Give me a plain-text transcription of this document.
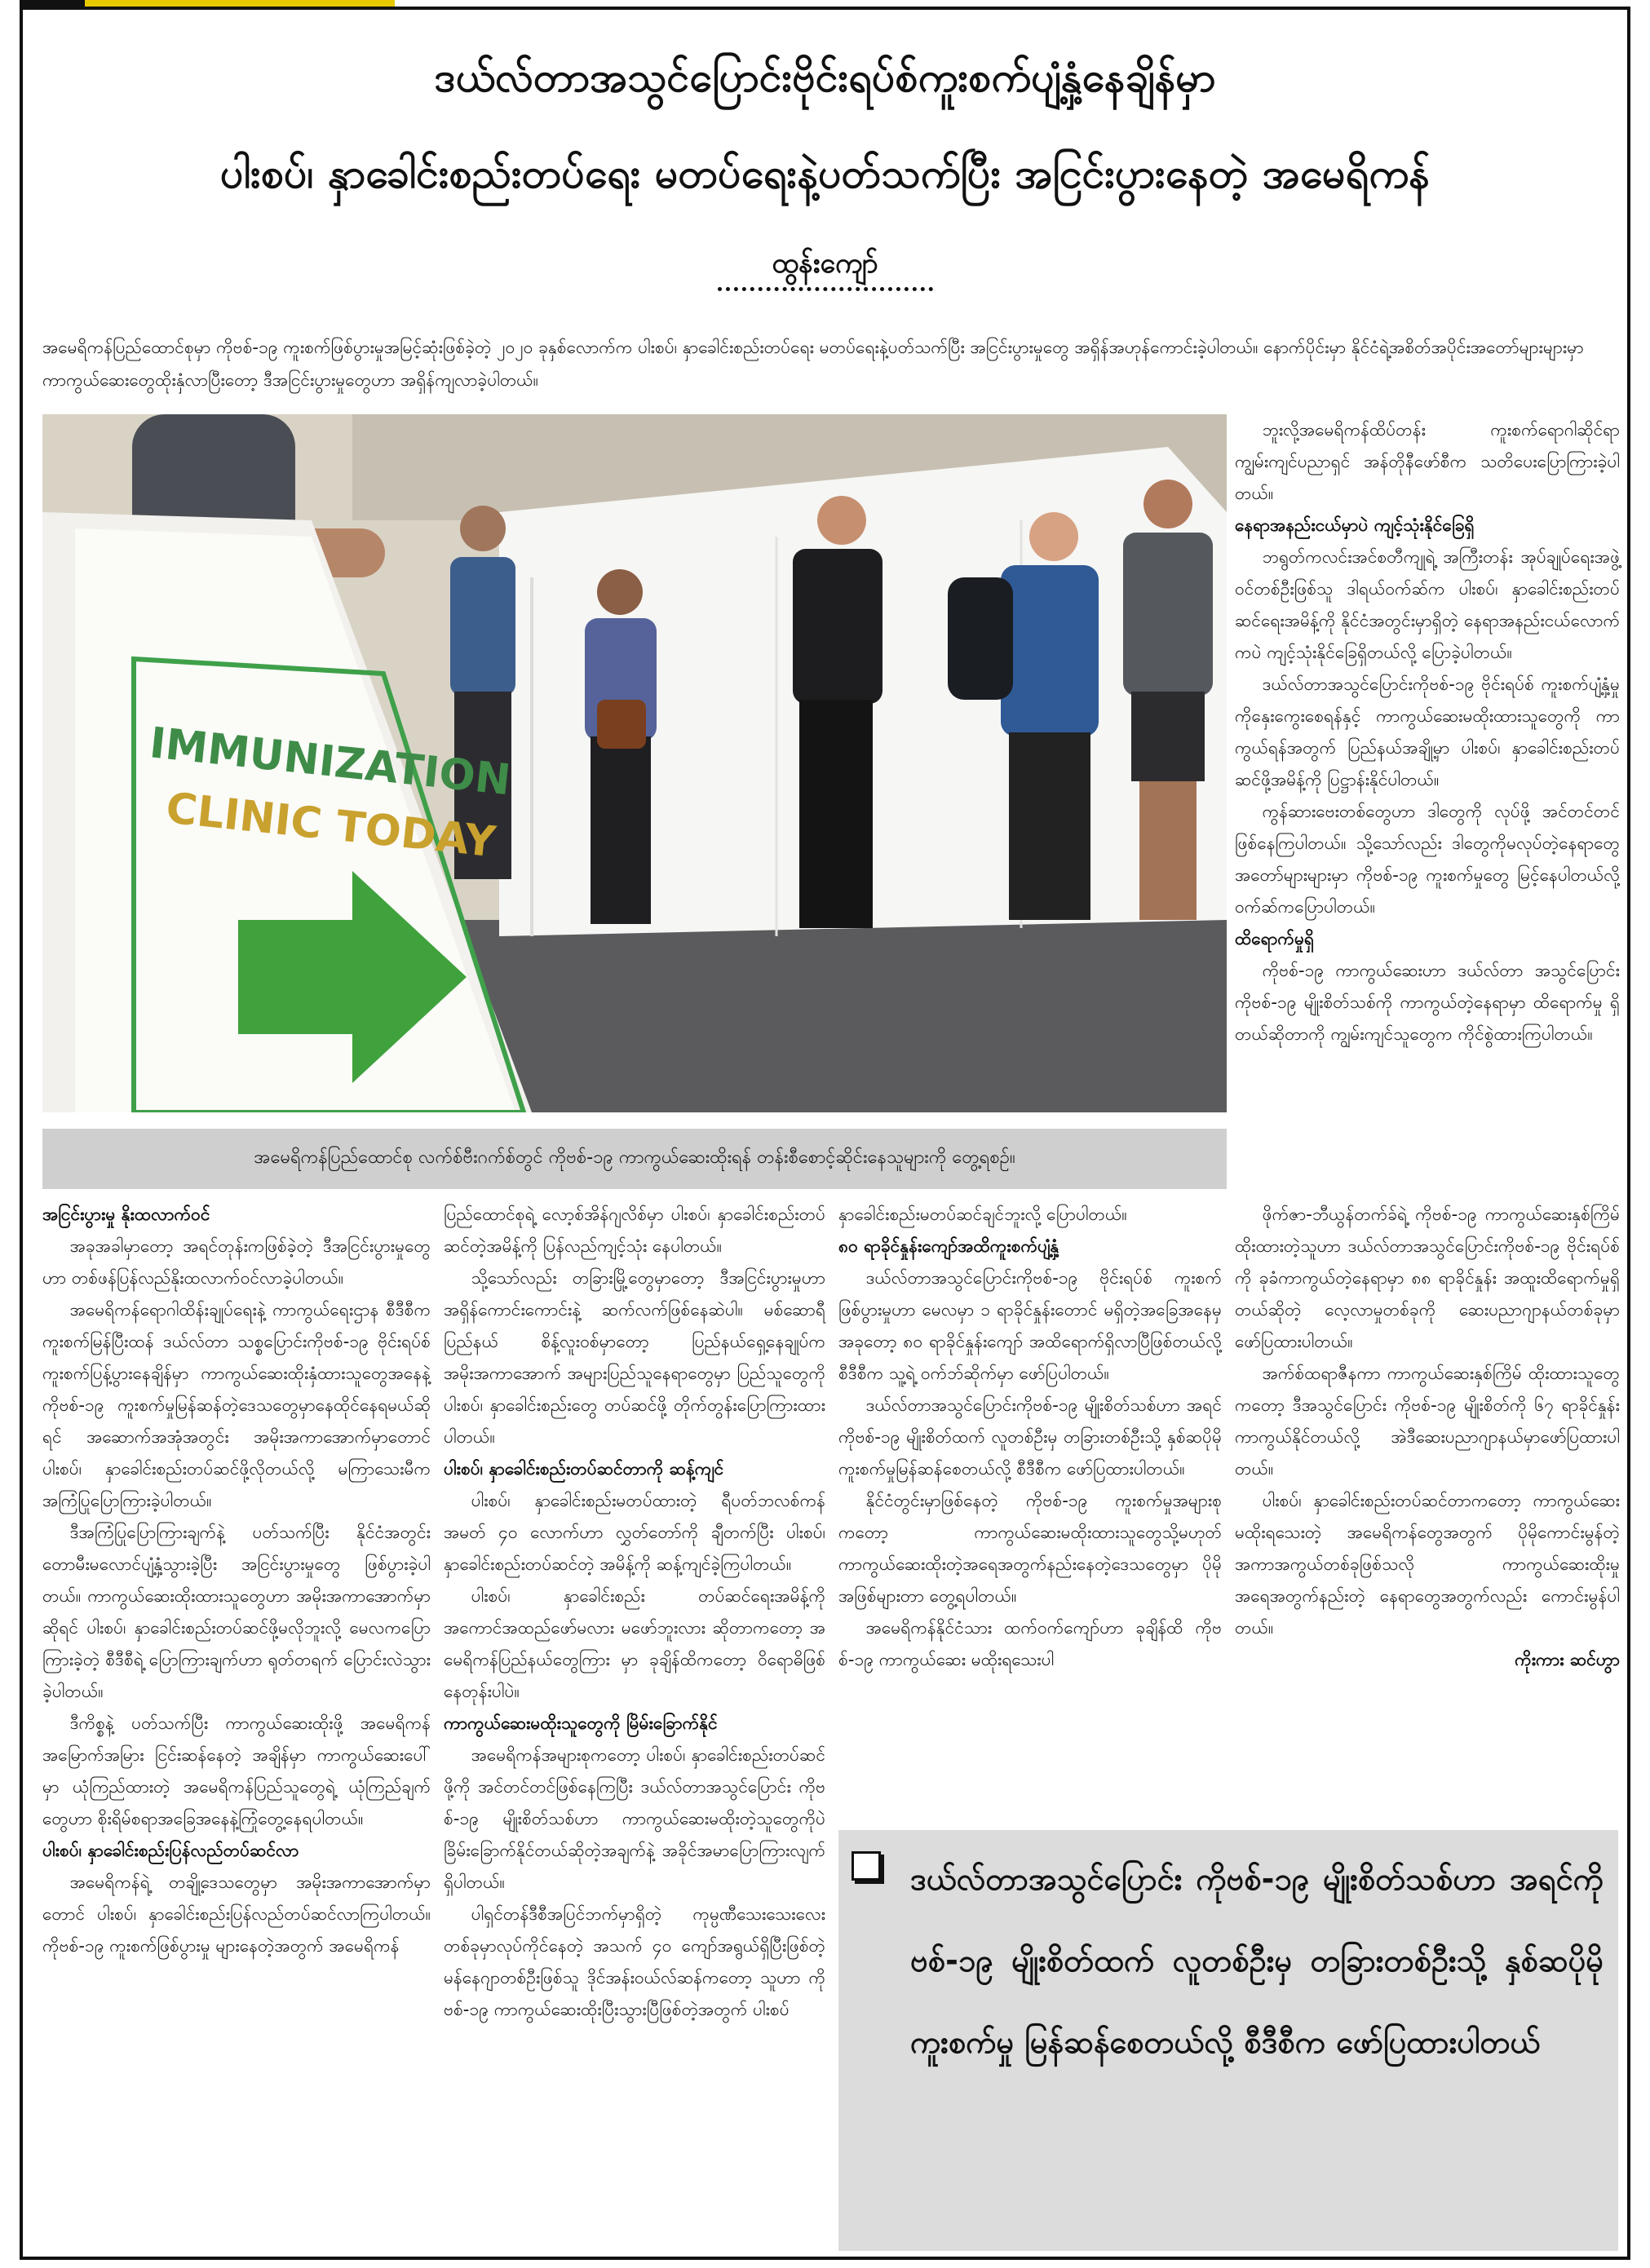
ဒယ်လ်တာအသွင်ပြောင်းဗိုင်းရပ်စ်ကူးစက်ပျံ့နှံ့နေချိန်မှာ
ပါးစပ်၊ နှာခေါင်းစည်းတပ်ရေး မတပ်ရေးနဲ့ပတ်သက်ပြီး အငြင်းပွားနေတဲ့ အမေရိကန်
ထွန်းကျော်
အမေရိကန်ပြည်ထောင်စုမှာ ကိုဗစ်-၁၉ ကူးစက်ဖြစ်ပွားမှုအမြင့်ဆုံးဖြစ်ခဲ့တဲ့ ၂၀၂၀ ခုနှစ်လောက်က ပါးစပ်၊ နှာခေါင်းစည်းတပ်ရေး မတပ်ရေးနဲ့ပတ်သက်ပြီး အငြင်းပွားမှုတွေ အရှိန်အဟုန်ကောင်းခဲ့ပါတယ်။ နောက်ပိုင်းမှာ နိုင်ငံရဲ့အစိတ်အပိုင်းအတော်များများမှာ ကာကွယ်ဆေးတွေထိုးနှံလာပြီးတော့ ဒီအငြင်းပွားမှုတွေဟာ အရှိန်ကျလာခဲ့ပါတယ်။
IMMUNIZATION
CLINIC TODAY
အမေရိကန်ပြည်ထောင်စု လက်စ်ဗီးဂက်စ်တွင် ကိုဗစ်-၁၉ ကာကွယ်ဆေးထိုးရန် တန်းစီစောင့်ဆိုင်းနေသူများကို တွေ့ရစဉ်။

ဘူးလို့အမေရိကန်ထိပ်တန်း ကူးစက်ရောဂါဆိုင်ရာ ကျွမ်းကျင်ပညာရှင် အန်တိုနီဖော်စီက သတိပေးပြောကြားခဲ့ပါတယ်။

နေရာအနည်းငယ်မှာပဲ ကျင့်သုံးနိုင်ခြေရှိ

ဘရွတ်ကလင်းအင်စတီကျုရဲ့ အကြီးတန်း အုပ်ချုပ်ရေးအဖွဲ့ဝင်တစ်ဦးဖြစ်သူ ဒါရယ်ဝက်ဆ်က ပါးစပ်၊ နှာခေါင်းစည်းတပ်ဆင်ရေးအမိန့်ကို နိုင်ငံအတွင်းမှာရှိတဲ့ နေရာအနည်းငယ်လောက်ကပဲ ကျင့်သုံးနိုင်ခြေရှိတယ်လို့ ပြောခဲ့ပါတယ်။

ဒယ်လ်တာအသွင်ပြောင်းကိုဗစ်-၁၉ ဗိုင်းရပ်စ် ကူးစက်ပျံ့နှံ့မှုကိုနှေးကွေးစေရန်နှင့် ကာကွယ်ဆေးမထိုးထားသူတွေကို ကာကွယ်ရန်အတွက် ပြည်နယ်အချို့မှာ ပါးစပ်၊ နှာခေါင်းစည်းတပ်ဆင်ဖို့အမိန့်ကို ပြဋ္ဌာန်းနိုင်ပါတယ်။

ကွန်ဆားဗေးတစ်တွေဟာ ဒါတွေကို လုပ်ဖို့ အင်တင်တင်ဖြစ်နေကြပါတယ်။ သို့သော်လည်း ဒါတွေကိုမလုပ်တဲ့နေရာတွေ အတော်များများမှာ ကိုဗစ်-၁၉ ကူးစက်မှုတွေ မြင့်နေပါတယ်လို့ ဝက်ဆ်ကပြောပါတယ်။

ထိရောက်မှုရှိ

ကိုဗစ်-၁၉ ကာကွယ်ဆေးဟာ ဒယ်လ်တာ အသွင်ပြောင်း ကိုဗစ်-၁၉ မျိုးစိတ်သစ်ကို ကာကွယ်တဲ့နေရာမှာ ထိရောက်မှု ရှိတယ်ဆိုတာကို ကျွမ်းကျင်သူတွေက ကိုင်စွဲထားကြပါတယ်။

အငြင်းပွားမှု နိုးထလာက်ဝင်

အခုအခါမှာတော့ အရင်တုန်းကဖြစ်ခဲ့တဲ့ ဒီအငြင်းပွားမှုတွေဟာ တစ်ဖန်ပြန်လည်နိုးထလာက်ဝင်လာခဲ့ပါတယ်။

အမေရိကန်ရောဂါထိန်းချုပ်ရေးနဲ့ ကာကွယ်ရေးဌာန စီဒီစီက ကူးစက်မြန်ပြီးထန် ဒယ်လ်တာ သစ္စပြောင်းကိုဗစ်-၁၉ ဗိုင်းရပ်စ်ကူးစက်ပြန့်ပွားနေချိန်မှာ ကာကွယ်ဆေးထိုးနှံထားသူတွေအနေနဲ့ ကိုဗစ်-၁၉ ကူးစက်မှုမြန်ဆန်တဲ့ဒေသတွေမှာနေထိုင်နေရမယ်ဆိုရင် အဆောက်အအုံအတွင်း အမိုးအကာအောက်မှာတောင် ပါးစပ်၊ နှာခေါင်းစည်းတပ်ဆင်ဖို့လိုတယ်လို့ မကြာသေးမီက အကြံပြုပြောကြားခဲ့ပါတယ်။

ဒီအကြံပြုပြောကြားချက်နဲ့ ပတ်သက်ပြီး နိုင်ငံအတွင်း တောမီးမလောင်ပျံ့နှံ့သွားခဲ့ပြီး အငြင်းပွားမှုတွေ ဖြစ်ပွားခဲ့ပါတယ်။ ကာကွယ်ဆေးထိုးထားသူတွေဟာ အမိုးအကာအောက်မှာဆိုရင် ပါးစပ်၊ နှာခေါင်းစည်းတပ်ဆင်ဖို့မလိုဘူးလို့ မေလကပြောကြားခဲ့တဲ့ စီဒီစီရဲ့ ပြောကြားချက်ဟာ ရုတ်တရက် ပြောင်းလဲသွားခဲ့ပါတယ်။

ဒီကိစ္စနဲ့ ပတ်သက်ပြီး ကာကွယ်ဆေးထိုးဖို့ အမေရိကန်အမြောက်အမြား ငြင်းဆန်နေတဲ့ အချိန်မှာ ကာကွယ်ဆေးပေါ်မှာ ယုံကြည်ထားတဲ့ အမေရိကန်ပြည်သူတွေရဲ့ ယုံကြည်ချက်တွေဟာ စိုးရိမ်စရာအခြေအနေနဲ့ကြုံတွေ့နေရပါတယ်။

ပါးစပ်၊ နှာခေါင်းစည်းပြန်လည်တပ်ဆင်လာ

အမေရိကန်ရဲ့ တချို့ဒေသတွေမှာ အမိုးအကာအောက်မှာတောင် ပါးစပ်၊ နှာခေါင်းစည်းပြန်လည်တပ်ဆင်လာကြပါတယ်။ ကိုဗစ်-၁၉ ကူးစက်ဖြစ်ပွားမှု များနေတဲ့အတွက် အမေရိကန်

ပြည်ထောင်စုရဲ့ လော့စ်အိန်ဂျလိစ်မှာ ပါးစပ်၊ နှာခေါင်းစည်းတပ်ဆင်တဲ့အမိန့်ကို ပြန်လည်ကျင့်သုံး နေပါတယ်။

သို့သော်လည်း တခြားမြို့တွေမှာတော့ ဒီအငြင်းပွားမှုဟာ အရှိန်ကောင်းကောင်းနဲ့ ဆက်လက်ဖြစ်နေဆဲပါ။ မစ်ဆောရီပြည်နယ် စိန့်လူးဝစ်မှာတော့ ပြည်နယ်ရှေ့နေချုပ်က အမိုးအကာအောက် အများပြည်သူနေရာတွေမှာ ပြည်သူတွေကို ပါးစပ်၊ နှာခေါင်းစည်းတွေ တပ်ဆင်ဖို့ တိုက်တွန်းပြောကြားထားပါတယ်။

ပါးစပ်၊ နှာခေါင်းစည်းတပ်ဆင်တာကို ဆန့်ကျင်

ပါးစပ်၊ နှာခေါင်းစည်းမတပ်ထားတဲ့ ရီပတ်ဘလစ်ကန်အမတ် ၄၀ လောက်ဟာ လွှတ်တော်ကို ချီတက်ပြီး ပါးစပ်၊ နှာခေါင်းစည်းတပ်ဆင်တဲ့ အမိန့်ကို ဆန့်ကျင်ခဲ့ကြပါတယ်။

ပါးစပ်၊ နှာခေါင်းစည်း တပ်ဆင်ရေးအမိန့်ကို အကောင်အထည်ဖော်မလား မဖော်ဘူးလား ဆိုတာကတော့ အမေရိကန်ပြည်နယ်တွေကြား မှာ ခုချိန်ထိကတော့ ဝိရောဓိဖြစ်နေတုန်းပါပဲ။

ကာကွယ်ဆေးမထိုးသူတွေကို မြိမ်းခြောက်နိုင်

အမေရိကန်အများစုကတော့ ပါးစပ်၊ နှာခေါင်းစည်းတပ်ဆင်ဖို့ကို အင်တင်တင်ဖြစ်နေကြပြီး ဒယ်လ်တာအသွင်ပြောင်း ကိုဗစ်-၁၉ မျိုးစိတ်သစ်ဟာ ကာကွယ်ဆေးမထိုးတဲ့သူတွေကိုပဲ ခြိမ်းခြောက်နိုင်တယ်ဆိုတဲ့အချက်နဲ့ အခိုင်အမာပြောကြားလျက်ရှိပါတယ်။

ပါရှင်တန်ဒီစီအပြင်ဘက်မှာရှိတဲ့ ကုမ္ပဏီသေးသေးလေးတစ်ခုမှာလုပ်ကိုင်နေတဲ့ အသက် ၄၀ ကျော်အရွယ်ရှိပြီးဖြစ်တဲ့ မန်နေဂျာတစ်ဦးဖြစ်သူ ဒိုင်အန်းဝယ်လ်ဆန်ကတော့ သူဟာ ကိုဗစ်-၁၉ ကာကွယ်ဆေးထိုးပြီးသွားပြီဖြစ်တဲ့အတွက် ပါးစပ်

နှာခေါင်းစည်းမတပ်ဆင်ချင်ဘူးလို့ ပြောပါတယ်။

၈၀ ရာခိုင်နှုန်းကျော်အထိကူးစက်ပျံ့နှံ့

ဒယ်လ်တာအသွင်ပြောင်းကိုဗစ်-၁၉ ဗိုင်းရပ်စ် ကူးစက်ဖြစ်ပွားမှုဟာ မေလမှာ ၁ ရာခိုင်နှုန်းတောင် မရှိတဲ့အခြေအနေမှ အခုတော့ ၈၀ ရာခိုင်နှုန်းကျော် အထိရောက်ရှိလာပြီဖြစ်တယ်လို့ စီဒီစီက သူ့ရဲ့ ဝက်ဘ်ဆိုက်မှာ ဖော်ပြပါတယ်။

ဒယ်လ်တာအသွင်ပြောင်းကိုဗစ်-၁၉ မျိုးစိတ်သစ်ဟာ အရင်ကိုဗစ်-၁၉ မျိုးစိတ်ထက် လူတစ်ဦးမှ တခြားတစ်ဦးသို့ နှစ်ဆပိုမို ကူးစက်မှုမြန်ဆန်စေတယ်လို့ စီဒီစီက ဖော်ပြထားပါတယ်။

နိုင်ငံတွင်းမှာဖြစ်နေတဲ့ ကိုဗစ်-၁၉ ကူးစက်မှုအများစုကတော့ ကာကွယ်ဆေးမထိုးထားသူတွေသို့မဟုတ် ကာကွယ်ဆေးထိုးတဲ့အရေအတွက်နည်းနေတဲ့ဒေသတွေမှာ ပိုမိုအဖြစ်များတာ တွေ့ရပါတယ်။

အမေရိကန်နိုင်ငံသား ထက်ဝက်ကျော်ဟာ ခုချိန်ထိ ကိုဗစ်-၁၉ ကာကွယ်ဆေး မထိုးရသေးပါ

ဖိုက်ဇာ-ဘီယွန်တက်ခ်ရဲ့ ကိုဗစ်-၁၉ ကာကွယ်ဆေးနှစ်ကြိမ် ထိုးထားတဲ့သူဟာ ဒယ်လ်တာအသွင်ပြောင်းကိုဗစ်-၁၉ ဗိုင်းရပ်စ်ကို ခုခံကာကွယ်တဲ့နေရာမှာ ၈၈ ရာခိုင်နှုန်း အထူးထိရောက်မှုရှိတယ်ဆိုတဲ့ လေ့လာမှုတစ်ခုကို ဆေးပညာဂျာနယ်တစ်ခုမှာ ဖော်ပြထားပါတယ်။

အက်စ်ထရာဇီနကာ ကာကွယ်ဆေးနှစ်ကြိမ် ထိုးထားသူတွေကတော့ ဒီအသွင်ပြောင်း ကိုဗစ်-၁၉ မျိုးစိတ်ကို ၆၇ ရာခိုင်နှုန်းကာကွယ်နိုင်တယ်လို့ အဲဒီဆေးပညာဂျာနယ်မှာဖော်ပြထားပါတယ်။

ပါးစပ်၊ နှာခေါင်းစည်းတပ်ဆင်တာကတော့ ကာကွယ်ဆေးမထိုးရသေးတဲ့ အမေရိကန်တွေအတွက် ပိုမိုကောင်းမွန်တဲ့ အကာအကွယ်တစ်ခုဖြစ်သလို ကာကွယ်ဆေးထိုးမှုအရေအတွက်နည်းတဲ့ နေရာတွေအတွက်လည်း ကောင်းမွန်ပါတယ်။

ကိုးကား ဆင်ဟွာ

ဒယ်လ်တာအသွင်ပြောင်း ကိုဗစ်-၁၉ မျိုးစိတ်သစ်ဟာ အရင်ကိုဗစ်-၁၉ မျိုးစိတ်ထက် လူတစ်ဦးမှ တခြားတစ်ဦးသို့ နှစ်ဆပိုမို ကူးစက်မှု မြန်ဆန်စေတယ်လို့ စီဒီစီက ဖော်ပြထားပါတယ်
